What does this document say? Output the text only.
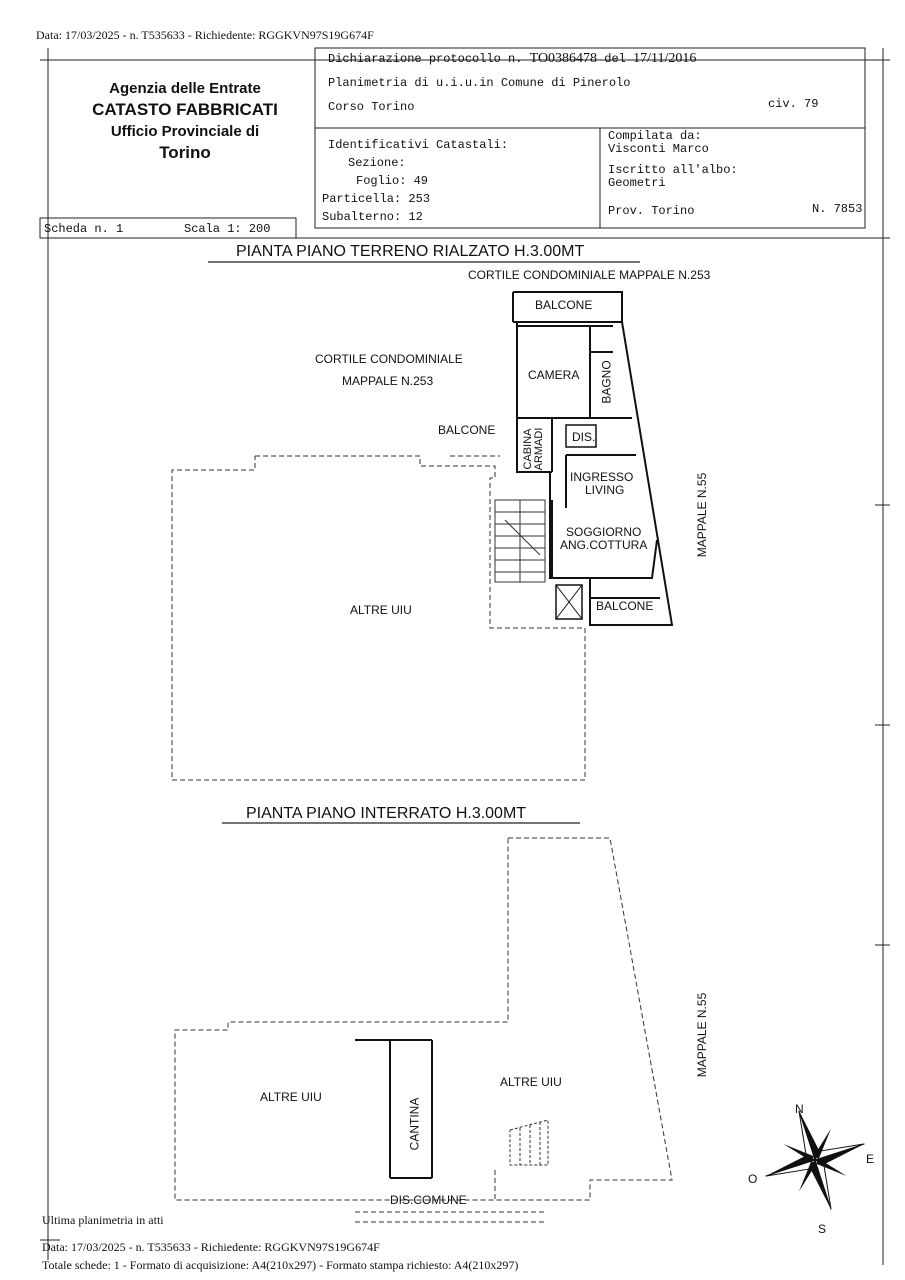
Data: 17/03/2025 - n. T535633 - Richiedente: RGGKVN97S19G674F
Agenzia delle Entrate
CATASTO FABBRICATI
Ufficio Provinciale di
Torino
Dichiarazione protocollo n. TO0386478 del 17/11/2016
Planimetria di u.i.u.in Comune di Pinerolo
Corso Torino	civ. 79
Identificativi Catastali:
Sezione:
Foglio: 49
Particella: 253
Subalterno: 12
Compilata da:
Visconti Marco
Iscritto all'albo:
Geometri
Prov. Torino	N. 7853
Scheda n. 1	Scala 1: 200
PIANTA PIANO TERRENO RIALZATO H.3.00MT
CORTILE CONDOMINIALE MAPPALE N.253
CORTILE CONDOMINIALE
MAPPALE N.253
BALCONE
CAMERA BAGNO
BALCONE CABINA ARMADI DIS.
INGRESSO
LIVING
SOGGIORNO
ANG.COTTURA
BALCONE
ALTRE UIU
MAPPALE N.55
PIANTA PIANO INTERRATO H.3.00MT
ALTRE UIU
CANTINA
ALTRE UIU
DIS.COMUNE
MAPPALE N.55
N
E
S
O
Ultima planimetria in atti
Data: 17/03/2025 - n. T535633 - Richiedente: RGGKVN97S19G674F
Totale schede: 1 - Formato di acquisizione: A4(210x297) - Formato stampa richiesto: A4(210x297)
